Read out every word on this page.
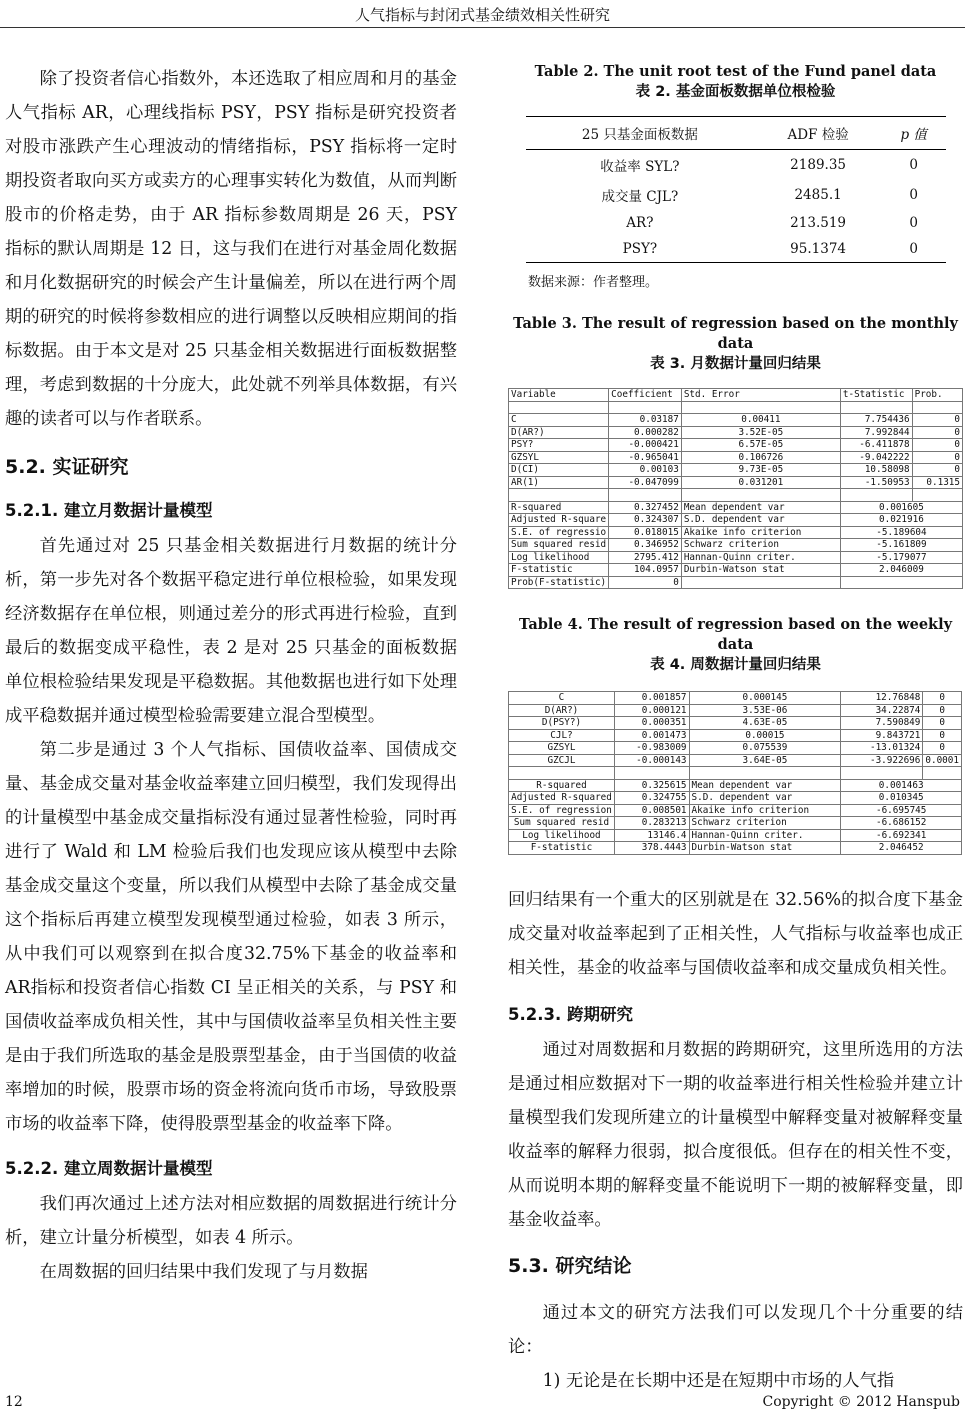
人气指标与封闭式基金绩效相关性研究

除了投资者信心指数外，本还选取了相应周和月的基金人气指标 AR，心理线指标 PSY，PSY 指标是研究投资者对股市涨跌产生心理波动的情绪指标，PSY 指标将一定时期投资者取向买方或卖方的心理事实转化为数值，从而判断股市的价格走势，由于 AR 指标参数周期是 26 天，PSY 指标的默认周期是 12 日，这与我们在进行对基金周化数据和月化数据研究的时候会产生计量偏差，所以在进行两个周期的研究的时候将参数相应的进行调整以反映相应期间的指标数据。由于本文是对 25 只基金相关数据进行面板数据整理，考虑到数据的十分庞大，此处就不列举具体数据，有兴趣的读者可以与作者联系。

5.2. 实证研究
5.2.1. 建立月数据计量模型

首先通过对 25 只基金相关数据进行月数据的统计分析，第一步先对各个数据平稳定进行单位根检验，如果发现经济数据存在单位根，则通过差分的形式再进行检验，直到最后的数据变成平稳性，表 2 是对 25 只基金的面板数据单位根检验结果发现是平稳数据。其他数据也进行如下处理成平稳数据并通过模型检验需要建立混合型模型。

第二步是通过 3 个人气指标、国债收益率、国债成交量、基金成交量对基金收益率建立回归模型，我们发现得出的计量模型中基金成交量指标没有通过显著性检验，同时再进行了 Wald 和 LM 检验后我们也发现应该从模型中去除基金成交量这个变量，所以我们从模型中去除了基金成交量这个指标后再建立模型发现模型通过检验，如表 3 所示，从中我们可以观察到在拟合度32.75%下基金的收益率和AR指标和投资者信心指数 CI 呈正相关的关系，与 PSY 和国债收益率成负相关性，其中与国债收益率呈负相关性主要是由于我们所选取的基金是股票型基金，由于当国债的收益率增加的时候，股票市场的资金将流向货币市场，导致股票市场的收益率下降，使得股票型基金的收益率下降。

5.2.2. 建立周数据计量模型

我们再次通过上述方法对相应数据的周数据进行统计分析，建立计量分析模型，如表 4 所示。

在周数据的回归结果中我们发现了与月数据

Table 2. The unit root test of the Fund panel data
表 2. 基金面板数据单位根检验
25 只基金面板数据	ADF 检验	p 值
收益率 SYL?	2189.35	0
成交量 CJL?	2485.1	0
AR?	213.519	0
PSY?	95.1374	0
数据来源：作者整理。
Table 3. The result of regression based on the monthly data
表 3. 月数据计量回归结果
Variable	Coefficient	Std. Error	t-Statistic	Prob.

C	0.03187	0.00411	7.754436	0
D(AR?)	0.000282	3.52E-05	7.992844	0
PSY?	-0.000421	6.57E-05	-6.411878	0
GZSYL	-0.965041	0.106726	-9.042222	0
D(CI)	0.00103	9.73E-05	10.58098	0
AR(1)	-0.047099	0.031201	-1.50953	0.1315

R-squared	0.327452	Mean dependent var	0.001605	
Adjusted R-square	0.324307	S.D. dependent var	0.021916	
S.E. of regressio	0.018015	Akaike info criterion	-5.189604	
Sum squared resid	0.346952	Schwarz criterion	-5.161809	
Log likelihood	2795.412	Hannan-Quinn criter.	-5.179077	
F-statistic	104.0957	Durbin-Watson stat	2.046009	
Prob(F-statistic)	0			
Table 4. The result of regression based on the weekly data
表 4. 周数据计量回归结果
C	0.001857	0.000145	12.76848	0
D(AR?)	0.000121	3.53E-06	34.22874	0
D(PSY?)	0.000351	4.63E-05	7.590849	0
CJL?	0.001473	0.00015	9.843721	0
GZSYL	-0.983009	0.075539	-13.01324	0
GZCJL	-0.000143	3.64E-05	-3.922696	0.0001

R-squared	0.325615	Mean dependent var	0.001463	
Adjusted R-squared	0.324755	S.D. dependent var	0.010345	
S.E. of regression	0.008501	Akaike info criterion	-6.695745	
Sum squared resid	0.283213	Schwarz criterion	-6.686152	
Log likelihood	13146.4	Hannan-Quinn criter.	-6.692341	
F-statistic	378.4443	Durbin-Watson stat	2.046452	

回归结果有一个重大的区别就是在 32.56%的拟合度下基金成交量对收益率起到了正相关性，人气指标与收益率也成正相关性，基金的收益率与国债收益率和成交量成负相关性。

5.2.3. 跨期研究

通过对周数据和月数据的跨期研究，这里所选用的方法是通过相应数据对下一期的收益率进行相关性检验并建立计量模型我们发现所建立的计量模型中解释变量对被解释变量收益率的解释力很弱，拟合度很低。但存在的相关性不变，从而说明本期的解释变量不能说明下一期的被解释变量，即基金收益率。

5.3. 研究结论

通过本文的研究方法我们可以发现几个十分重要的结论：

1) 无论是在长期中还是在短期中市场的人气指

12	Copyright © 2012 Hanspub
